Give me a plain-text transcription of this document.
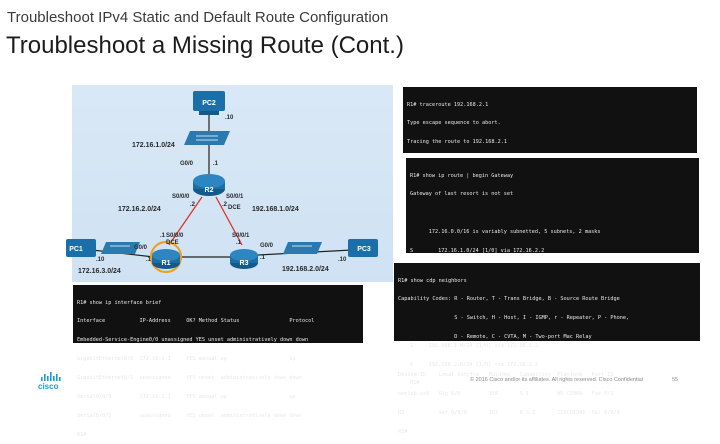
Troubleshoot IPv4 Static and Default Route Configuration
Troubleshoot a Missing Route (Cont.)
PC2
R2
R1	R3
PC1	PC3
172.16.1.0/24
172.16.2.0/24	192.168.1.0/24
172.16.3.0/24	192.168.2.0/24
G0/0	.1
S0/0/0	S0/0/1
.2	.2 DCE
S0/0/0
DCE
.1
G0/0
.1
S0/0/1
.1	G0/0
.1
.10	.10
.10

R1# traceroute 192.168.2.1

Type escape sequence to abort.

Tracing the route to 192.168.2.1

R1# show ip route | begin Gateway

Gateway of last resort is not set

172.16.0.0/16 is variably subnetted, 5 subnets, 2 masks

S        172.16.1.0/24 [1/0] via 172.16.2.2

S     192.168.1.0/24 [1/0] via 172.16.2.2

S     192.168.2.0/24 [1/0] via 172.16.2.2

R1#

R1# show cdp neighbors

Capability Codes: R - Router, T - Trans Bridge, B - Source Route Bridge

S - Switch, H - Host, I - IGMP, r - Repeater, P - Phone,

D - Remote, C - CVTA, M - Two-port Mac Relay

Device ID    Local Intrfce   Holdtme   Capability  Platform   Port ID

netlab-cs5   Gig 0/0         156       S I         WS-C2960-  Fas 0/1

R2           Ser 0/0/0       153       R S I       CISCO1941  Ser 0/0/0

R1#

R1# show ip interface brief

Interface           IP-Address     OK? Method Status                Protocol

Embedded-Service-Engine0/0 unassigned YES unset administratively down down

GigabitEthernet0/0  172.16.3.1     YES manual up                    up

GigabitEthernet0/1  unassigned     YES unset  administratively down down

Serial0/0/0         172.16.2.1     YES manual up                    up

Serial0/0/1         unassigned     YES unset  administratively down down

R1#

cisco
© 2016 Cisco and/or its affiliates. All rights reserved. Cisco Confidential	55
